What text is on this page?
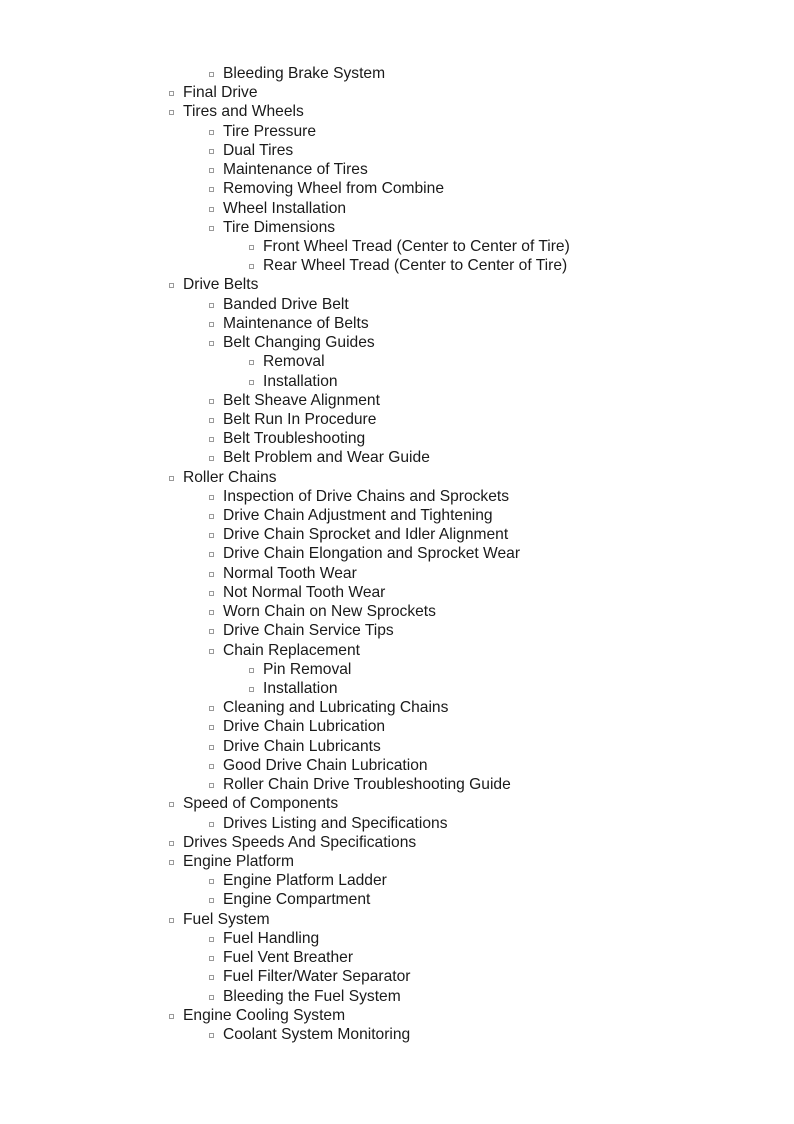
Bleeding Brake System
Final Drive
Tires and Wheels
Tire Pressure
Dual Tires
Maintenance of Tires
Removing Wheel from Combine
Wheel Installation
Tire Dimensions
Front Wheel Tread (Center to Center of Tire)
Rear Wheel Tread (Center to Center of Tire)
Drive Belts
Banded Drive Belt
Maintenance of Belts
Belt Changing Guides
Removal
Installation
Belt Sheave Alignment
Belt Run In Procedure
Belt Troubleshooting
Belt Problem and Wear Guide
Roller Chains
Inspection of Drive Chains and Sprockets
Drive Chain Adjustment and Tightening
Drive Chain Sprocket and Idler Alignment
Drive Chain Elongation and Sprocket Wear
Normal Tooth Wear
Not Normal Tooth Wear
Worn Chain on New Sprockets
Drive Chain Service Tips
Chain Replacement
Pin Removal
Installation
Cleaning and Lubricating Chains
Drive Chain Lubrication
Drive Chain Lubricants
Good Drive Chain Lubrication
Roller Chain Drive Troubleshooting Guide
Speed of Components
Drives Listing and Specifications
Drives Speeds And Specifications
Engine Platform
Engine Platform Ladder
Engine Compartment
Fuel System
Fuel Handling
Fuel Vent Breather
Fuel Filter/Water Separator
Bleeding the Fuel System
Engine Cooling System
Coolant System Monitoring
